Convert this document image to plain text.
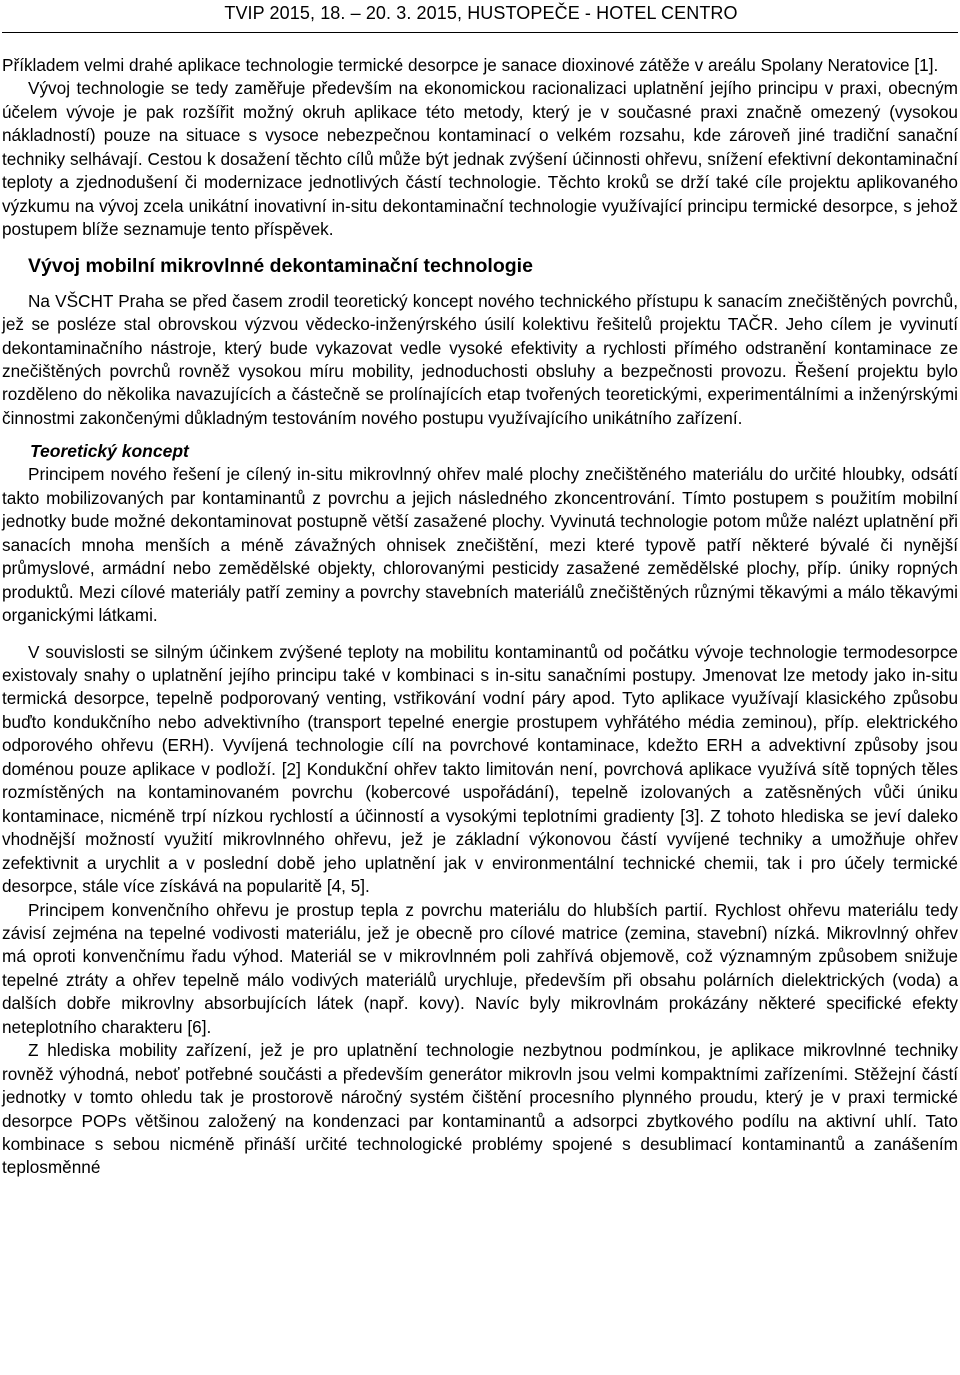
TVIP 2015, 18. – 20. 3. 2015, HUSTOPEČE - HOTEL CENTRO

Příkladem velmi drahé aplikace technologie termické desorpce je sanace dioxinové zátěže v areálu Spolany Neratovice [1].

Vývoj technologie se tedy zaměřuje především na ekonomickou racionalizaci uplatnění jejího principu v praxi, obecným účelem vývoje je pak rozšířit možný okruh aplikace této metody, který je v současné praxi značně omezený (vysokou nákladností) pouze na situace s vysoce nebezpečnou kontaminací o velkém rozsahu, kde zároveň jiné tradiční sanační techniky selhávají. Cestou k dosažení těchto cílů může být jednak zvýšení účinnosti ohřevu, snížení efektivní dekontaminační teploty a zjednodušení či modernizace jednotlivých částí technologie. Těchto kroků se drží také cíle projektu aplikovaného výzkumu na vývoj zcela unikátní inovativní in-situ dekontaminační technologie využívající principu termické desorpce, s jehož postupem blíže seznamuje tento příspěvek.

Vývoj mobilní mikrovlnné dekontaminační technologie

Na VŠCHT Praha se před časem zrodil teoretický koncept nového technického přístupu k sanacím znečištěných povrchů, jež se posléze stal obrovskou výzvou vědecko-inženýrského úsilí kolektivu řešitelů projektu TAČR. Jeho cílem je vyvinutí dekontaminačního nástroje, který bude vykazovat vedle vysoké efektivity a rychlosti přímého odstranění kontaminace ze znečištěných povrchů rovněž vysokou míru mobility, jednoduchosti obsluhy a bezpečnosti provozu. Řešení projektu bylo rozděleno do několika navazujících a částečně se prolínajících etap tvořených teoretickými, experimentálními a inženýrskými činnostmi zakončenými důkladným testováním nového postupu využívajícího unikátního zařízení.

Teoretický koncept

Principem nového řešení je cílený in-situ mikrovlnný ohřev malé plochy znečištěného materiálu do určité hloubky, odsátí takto mobilizovaných par kontaminantů z povrchu a jejich následného zkoncentrování. Tímto postupem s použitím mobilní jednotky bude možné dekontaminovat postupně větší zasažené plochy. Vyvinutá technologie potom může nalézt uplatnění při sanacích mnoha menších a méně závažných ohnisek znečištění, mezi které typově patří některé bývalé či nynější průmyslové, armádní nebo zemědělské objekty, chlorovanými pesticidy zasažené zemědělské plochy, příp. úniky ropných produktů. Mezi cílové materiály patří zeminy a povrchy stavebních materiálů znečištěných různými těkavými a málo těkavými organickými látkami.

V souvislosti se silným účinkem zvýšené teploty na mobilitu kontaminantů od počátku vývoje technologie termodesorpce existovaly snahy o uplatnění jejího principu také v kombinaci s in-situ sanačními postupy. Jmenovat lze metody jako in-situ termická desorpce, tepelně podporovaný venting, vstřikování vodní páry apod. Tyto aplikace využívají klasického způsobu buďto kondukčního nebo advektivního (transport tepelné energie prostupem vyhřátého média zeminou), příp. elektrického odporového ohřevu (ERH). Vyvíjená technologie cílí na povrchové kontaminace, kdežto ERH a advektivní způsoby jsou doménou pouze aplikace v podloží. [2] Kondukční ohřev takto limitován není, povrchová aplikace využívá sítě topných těles rozmístěných na kontaminovaném povrchu (kobercové uspořádání), tepelně izolovaných a zatěsněných vůči úniku kontaminace, nicméně trpí nízkou rychlostí a účinností a vysokými teplotními gradienty [3]. Z tohoto hlediska se jeví daleko vhodnější možností využití mikrovlnného ohřevu, jež je základní výkonovou částí vyvíjené techniky a umožňuje ohřev zefektivnit a urychlit a v poslední době jeho uplatnění jak v environmentální technické chemii, tak i pro účely termické desorpce, stále více získává na popularitě [4, 5].

Principem konvenčního ohřevu je prostup tepla z povrchu materiálu do hlubších partií. Rychlost ohřevu materiálu tedy závisí zejména na tepelné vodivosti materiálu, jež je obecně pro cílové matrice (zemina, stavební) nízká. Mikrovlnný ohřev má oproti konvenčnímu řadu výhod. Materiál se v mikrovlnném poli zahřívá objemově, což významným způsobem snižuje tepelné ztráty a ohřev tepelně málo vodivých materiálů urychluje, především při obsahu polárních dielektrických (voda) a dalších dobře mikrovlny absorbujících látek (např. kovy). Navíc byly mikrovlnám prokázány některé specifické efekty neteplotního charakteru [6].

Z hlediska mobility zařízení, jež je pro uplatnění technologie nezbytnou podmínkou, je aplikace mikrovlnné techniky rovněž výhodná, neboť potřebné součásti a především generátor mikrovln jsou velmi kompaktními zařízeními. Stěžejní částí jednotky v tomto ohledu tak je prostorově náročný systém čištění procesního plynného proudu, který je v praxi termické desorpce POPs většinou založený na kondenzaci par kontaminantů a adsorpci zbytkového podílu na aktivní uhlí. Tato kombinace s sebou nicméně přináší určité technologické problémy spojené s desublimací kontaminantů a zanášením teplosměnné
